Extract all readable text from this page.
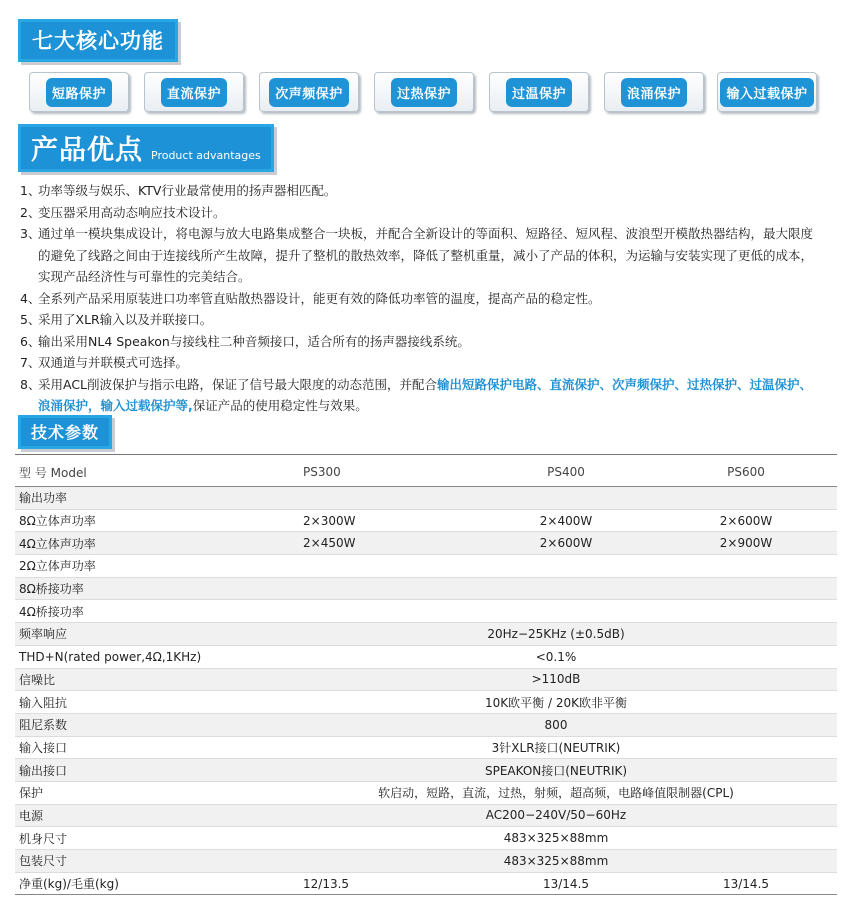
七大核心功能
短路保护	直流保护	次声频保护	过热保护	过温保护	浪涌保护	输入过载保护
产品优点 Product advantages
1、
功率等级与娱乐、KTV行业最常使用的扬声器相匹配。
2、
变压器采用高动态响应技术设计。
3、
通过单一模块集成设计，将电源与放大电路集成整合一块板，并配合全新设计的等面积、短路径、短风程、波浪型开模散热器结构，最大限度的避免了线路之间由于连接线所产生故障，提升了整机的散热效率，降低了整机重量，减小了产品的体积，为运输与安装实现了更低的成本，实现产品经济性与可靠性的完美结合。
4、
全系列产品采用原装进口功率管直贴散热器设计，能更有效的降低功率管的温度，提高产品的稳定性。
5、
采用了XLR输入以及并联接口。
6、
输出采用NL4 Speakon与接线柱二种音频接口，适合所有的扬声器接线系统。
7、
双通道与并联模式可选择。
8、
采用ACL削波保护与指示电路，保证了信号最大限度的动态范围，并配合输出短路保护电路、直流保护、次声频保护、过热保护、过温保护、浪涌保护，输入过载保护等,保证产品的使用稳定性与效果。
技术参数
型 号 Model	PS300	PS400	PS600
输出功率			
8Ω立体声功率	2×300W	2×400W	2×600W
4Ω立体声功率	2×450W	2×600W	2×900W
2Ω立体声功率			
8Ω桥接功率			
4Ω桥接功率			
频率响应	20Hz−25KHz (±0.5dB)		
THD+N(rated power,4Ω,1KHz)	<0.1%		
信噪比	>110dB		
输入阻抗	10K欧平衡 / 20K欧非平衡		
阻尼系数	800		
输入接口	3针XLR接口(NEUTRIK)		
输出接口	SPEAKON接口(NEUTRIK)		
保护	软启动，短路，直流，过热，射频，超高频，电路峰值限制器(CPL)		
电源	AC200−240V/50−60Hz		
机身尺寸	483×325×88mm		
包装尺寸	483×325×88mm		
净重(kg)/毛重(kg)	12/13.5	13/14.5	13/14.5
